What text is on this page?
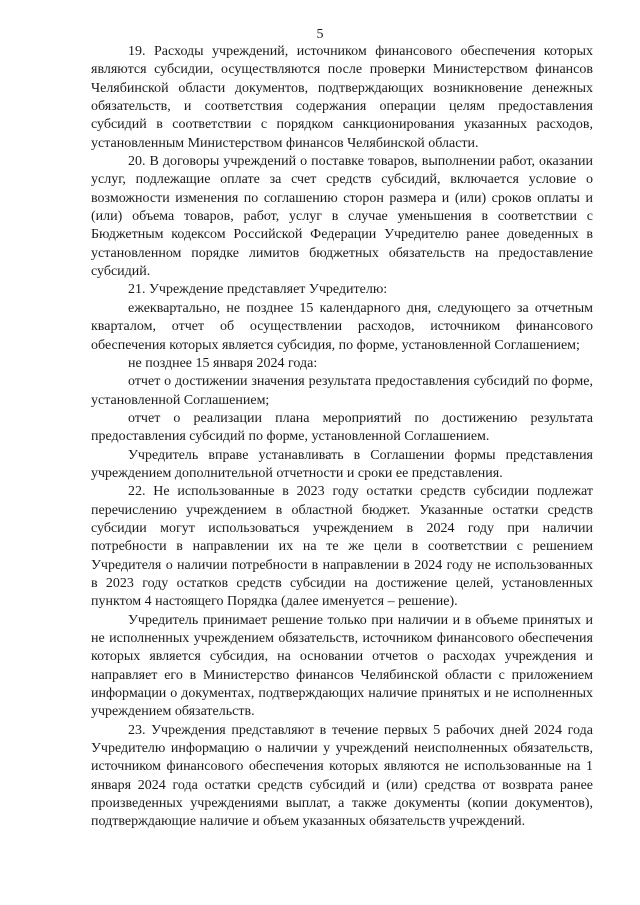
5

19. Расходы учреждений, источником финансового обеспечения которых являются субсидии, осуществляются после проверки Министерством финансов Челябинской области документов, подтверждающих возникновение денежных обязательств, и соответствия содержания операции целям предоставления субсидий в соответствии с порядком санкционирования указанных расходов, установленным Министерством финансов Челябинской области.

20. В договоры учреждений о поставке товаров, выполнении работ, оказании услуг, подлежащие оплате за счет средств субсидий, включается условие о возможности изменения по соглашению сторон размера и (или) сроков оплаты и (или) объема товаров, работ, услуг в случае уменьшения в соответствии с Бюджетным кодексом Российской Федерации Учредителю ранее доведенных в установленном порядке лимитов бюджетных обязательств на предоставление субсидий.

21. Учреждение представляет Учредителю:

ежеквартально, не позднее 15 календарного дня, следующего за отчетным кварталом, отчет об осуществлении расходов, источником финансового обеспечения которых является субсидия, по форме, установленной Соглашением;

не позднее 15 января 2024 года:

отчет о достижении значения результата предоставления субсидий по форме, установленной Соглашением;

отчет о реализации плана мероприятий по достижению результата предоставления субсидий по форме, установленной Соглашением.

Учредитель вправе устанавливать в Соглашении формы представления учреждением дополнительной отчетности и сроки ее представления.

22. Не использованные в 2023 году остатки средств субсидии подлежат перечислению учреждением в областной бюджет. Указанные остатки средств субсидии могут использоваться учреждением в 2024 году при наличии потребности в направлении их на те же цели в соответствии с решением Учредителя о наличии потребности в направлении в 2024 году не использованных в 2023 году остатков средств субсидии на достижение целей, установленных пунктом 4 настоящего Порядка (далее именуется – решение).

Учредитель принимает решение только при наличии и в объеме принятых и не исполненных учреждением обязательств, источником финансового обеспечения которых является субсидия, на основании отчетов о расходах учреждения и направляет его в Министерство финансов Челябинской области с приложением информации о документах, подтверждающих наличие принятых и не исполненных учреждением обязательств.

23. Учреждения представляют в течение первых 5 рабочих дней 2024 года Учредителю информацию о наличии у учреждений неисполненных обязательств, источником финансового обеспечения которых являются не использованные на 1 января 2024 года остатки средств субсидий и (или) средства от возврата ранее произведенных учреждениями выплат, а также документы (копии документов), подтверждающие наличие и объем указанных обязательств учреждений.
